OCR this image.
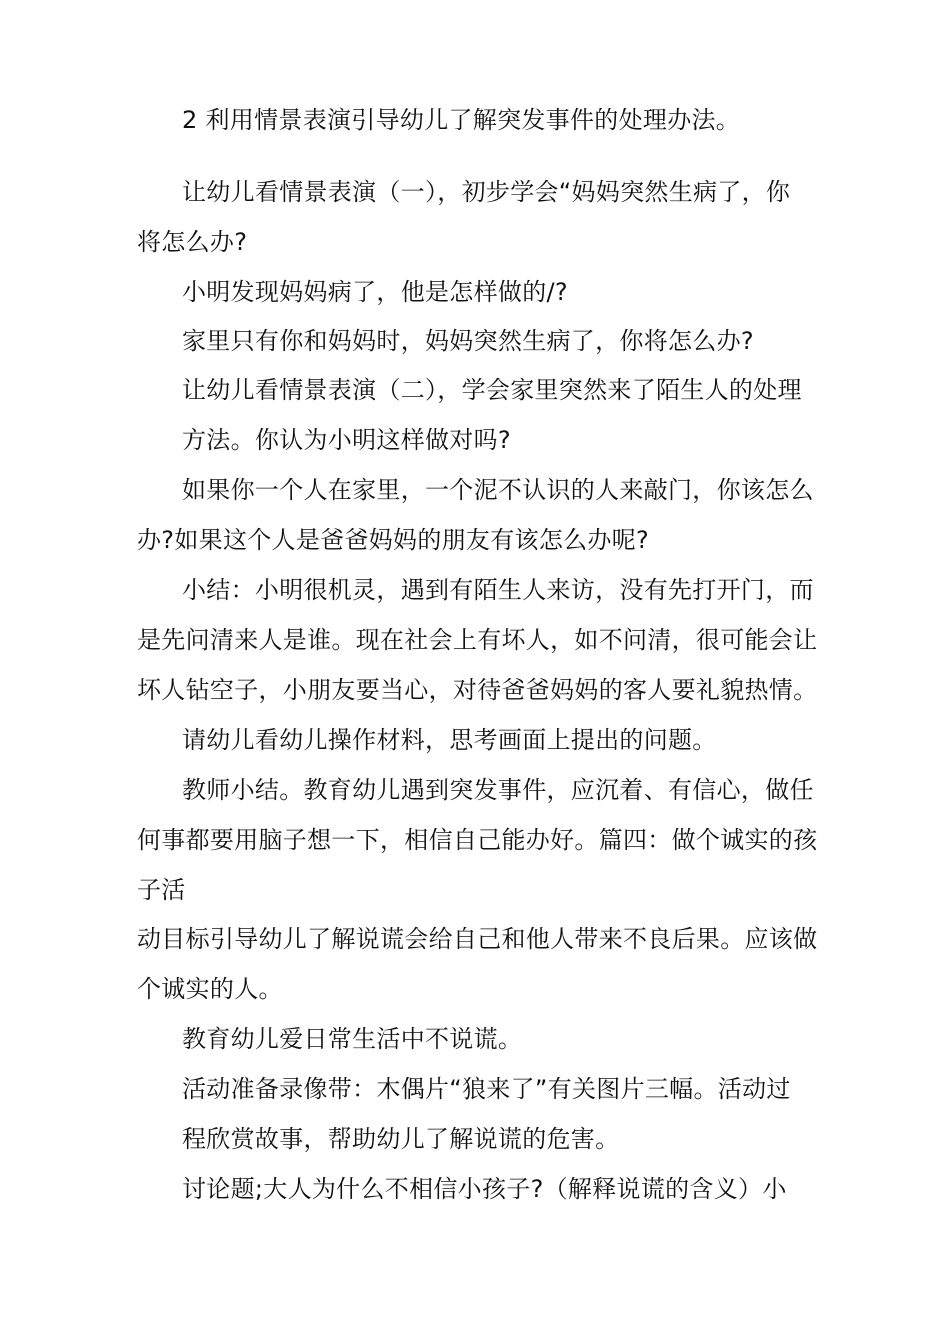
2 利用情景表演引导幼儿了解突发事件的处理办法。
让幼儿看情景表演（一），初步学会“妈妈突然生病了，你
将怎么办?
小明发现妈妈病了，他是怎样做的/?
家里只有你和妈妈时，妈妈突然生病了，你将怎么办?
让幼儿看情景表演（二），学会家里突然来了陌生人的处理
方法。你认为小明这样做对吗?
如果你一个人在家里，一个泥不认识的人来敲门，你该怎么
办?如果这个人是爸爸妈妈的朋友有该怎么办呢?
小结：小明很机灵，遇到有陌生人来访，没有先打开门，而
是先问清来人是谁。现在社会上有坏人，如不问清，很可能会让
坏人钻空子，小朋友要当心，对待爸爸妈妈的客人要礼貌热情。
请幼儿看幼儿操作材料，思考画面上提出的问题。
教师小结。教育幼儿遇到突发事件，应沉着、有信心，做任
何事都要用脑子想一下，相信自己能办好。篇四：做个诚实的孩
子活
动目标引导幼儿了解说谎会给自己和他人带来不良后果。应该做
个诚实的人。
教育幼儿爱日常生活中不说谎。
活动准备录像带：木偶片“狼来了”有关图片三幅。活动过
程欣赏故事，帮助幼儿了解说谎的危害。
讨论题;大人为什么不相信小孩子?（解释说谎的含义）小
